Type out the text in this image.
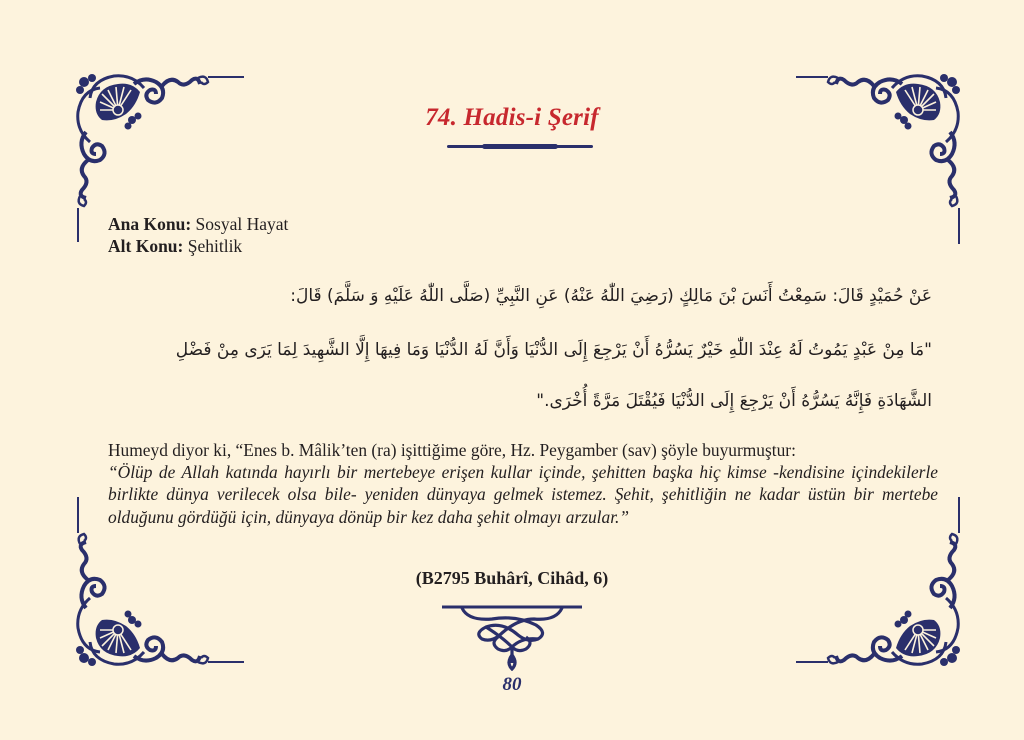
74. Hadis-i Şerif
Ana Konu: Sosyal Hayat
Alt Konu: Şehitlik
عَنْ حُمَيْدٍ قَالَ: سَمِعْتُ أَنَسَ بْنَ مَالِكٍ (رَضِيَ اللّٰهُ عَنْهُ) عَنِ النَّبِيِّ (صَلَّى اللّٰهُ عَلَيْهِ وَ سَلَّمَ) قَالَ:
"مَا مِنْ عَبْدٍ يَمُوتُ لَهُ عِنْدَ اللّٰهِ خَيْرٌ يَسُرُّهُ أَنْ يَرْجِعَ إِلَى الدُّنْيَا وَأَنَّ لَهُ الدُّنْيَا وَمَا فِيهَا إِلَّا الشَّهِيدَ لِمَا يَرَى مِنْ فَضْلِ
الشَّهَادَةِ فَإِنَّهُ يَسُرُّهُ أَنْ يَرْجِعَ إِلَى الدُّنْيَا فَيُقْتَلَ مَرَّةً أُخْرَى."
Humeyd diyor ki, “Enes b. Mâlik’ten (ra) işittiğime göre, Hz. Peygamber (sav) şöyle buyurmuştur:
“Ölüp de Allah katında hayırlı bir mertebeye erişen kullar içinde, şehitten başka hiç kimse -kendisine içindekilerle birlikte dünya verilecek olsa bile- yeniden dünyaya gelmek istemez. Şehit, şehitliğin ne kadar üstün bir mertebe olduğunu gördüğü için, dünyaya dönüp bir kez daha şehit olmayı arzular.”
(B2795 Buhârî, Cihâd, 6)
80
